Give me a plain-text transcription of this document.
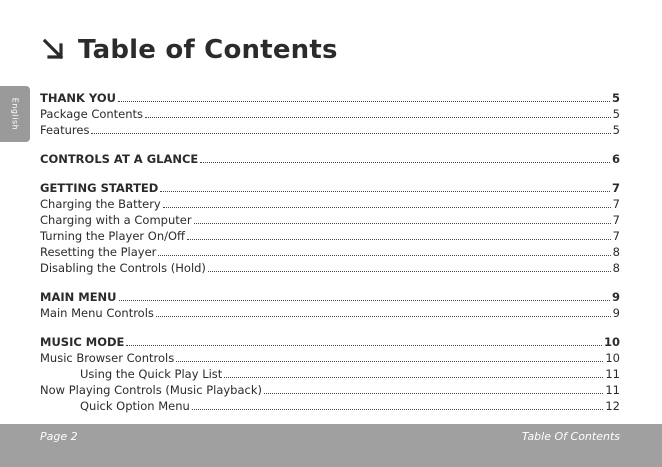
English
Table of Contents
THANK YOU	5
Package Contents	5
Features	5
CONTROLS AT A GLANCE	6
GETTING STARTED	7
Charging the Battery	7
Charging with a Computer	7
Turning the Player On/Off	7
Resetting the Player	8
Disabling the Controls (Hold)	8
MAIN MENU	9
Main Menu Controls	9
MUSIC MODE	10
Music Browser Controls	10
Using the Quick Play List	11
Now Playing Controls (Music Playback)	11
Quick Option Menu	12
Page 2	Table Of Contents
